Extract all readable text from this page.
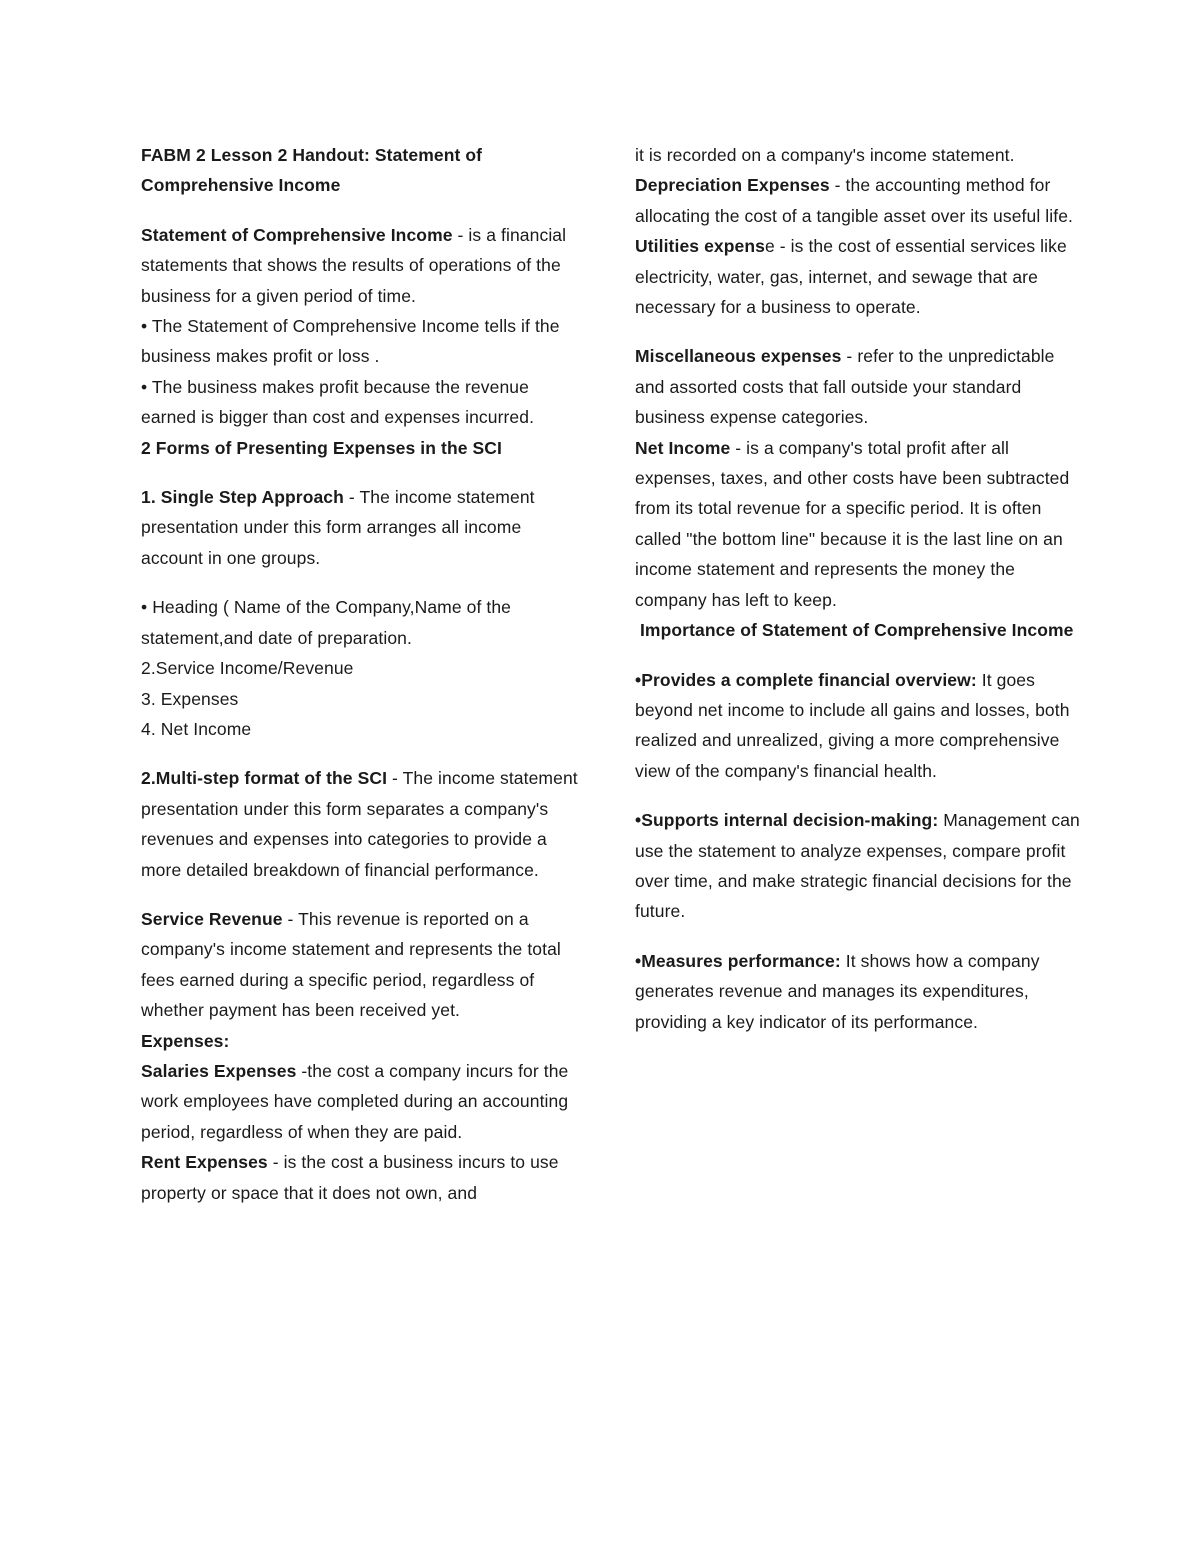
FABM 2 Lesson 2 Handout: Statement of
Comprehensive Income

Statement of Comprehensive Income - is a financial statements that shows the results of operations of the business for a given period of time.

• The Statement of Comprehensive Income tells if the business makes profit or loss .

• The business makes profit because the revenue earned is bigger than cost and expenses incurred.

2 Forms of Presenting Expenses in the SCI

1. Single Step Approach - The income statement presentation under this form arranges all income account in one groups.

• Heading ( Name of the Company,Name of the statement,and date of preparation.

2.Service Income/Revenue

3. Expenses

4. Net Income

2.Multi-step format of the SCI - The income statement presentation under this form separates a company's revenues and expenses into categories to provide a more detailed breakdown of financial performance.

Service Revenue - This revenue is reported on a company's income statement and represents the total fees earned during a specific period, regardless of whether payment has been received yet.

Expenses:

Salaries Expenses -the cost a company incurs for the work employees have completed during an accounting period, regardless of when they are paid.

Rent Expenses - is the cost a business incurs to use property or space that it does not own, and

it is recorded on a company's income statement.

Depreciation Expenses - the accounting method for allocating the cost of a tangible asset over its useful life.

Utilities expense - is the cost of essential services like electricity, water, gas, internet, and sewage that are necessary for a business to operate.

Miscellaneous expenses - refer to the unpredictable and assorted costs that fall outside your standard business expense categories.

Net Income - is a company's total profit after all expenses, taxes, and other costs have been subtracted from its total revenue for a specific period. It is often called "the bottom line" because it is the last line on an income statement and represents the money the company has left to keep.

Importance of Statement of Comprehensive Income

•Provides a complete financial overview: It goes beyond net income to include all gains and losses, both realized and unrealized, giving a more comprehensive view of the company's financial health.

•Supports internal decision-making: Management can use the statement to analyze expenses, compare profit over time, and make strategic financial decisions for the future.

•Measures performance: It shows how a company generates revenue and manages its expenditures, providing a key indicator of its performance.
